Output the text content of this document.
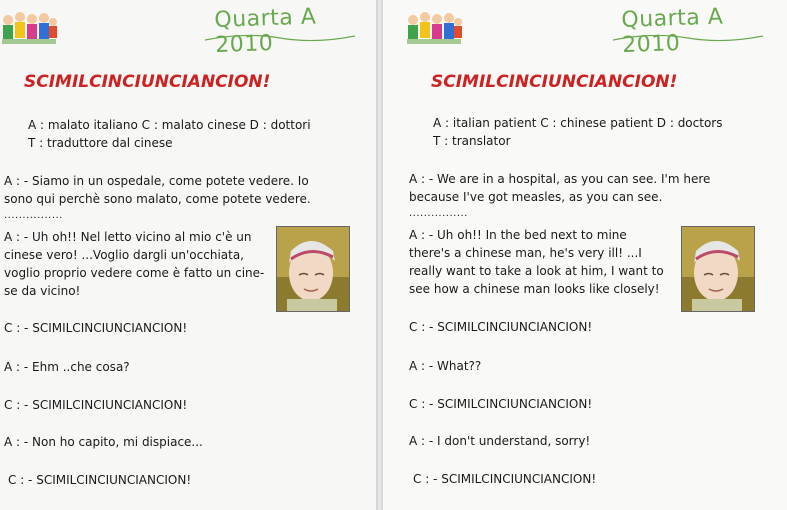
Quarta A 2010
SCIMILCINCIUNCIANCION!
A : malato italiano C : malato cinese D : dottori
T : traduttore dal cinese
A : - Siamo in un ospedale, come potete vedere. Io
sono qui perchè sono malato, come potete vedere.
................
A : - Uh oh!! Nel letto vicino al mio c'è un
cinese vero! ...Voglio dargli un'occhiata,
voglio proprio vedere come è fatto un cine-
se da vicino!
C : - SCIMILCINCIUNCIANCION!
A : - Ehm ..che cosa?
C : - SCIMILCINCIUNCIANCION!
A : - Non ho capito, mi dispiace...
C : - SCIMILCINCIUNCIANCION!
Quarta A 2010
SCIMILCINCIUNCIANCION!
A : italian patient C : chinese patient D : doctors
T : translator
A : - We are in a hospital, as you can see. I'm here
because I've got measles, as you can see.
................
A : - Uh oh!! In the bed next to mine
there's a chinese man, he's very ill! ...I
really want to take a look at him, I want to
see how a chinese man looks like closely!
C : - SCIMILCINCIUNCIANCION!
A : - What??
C : - SCIMILCINCIUNCIANCION!
A : - I don't understand, sorry!
C : - SCIMILCINCIUNCIANCION!
